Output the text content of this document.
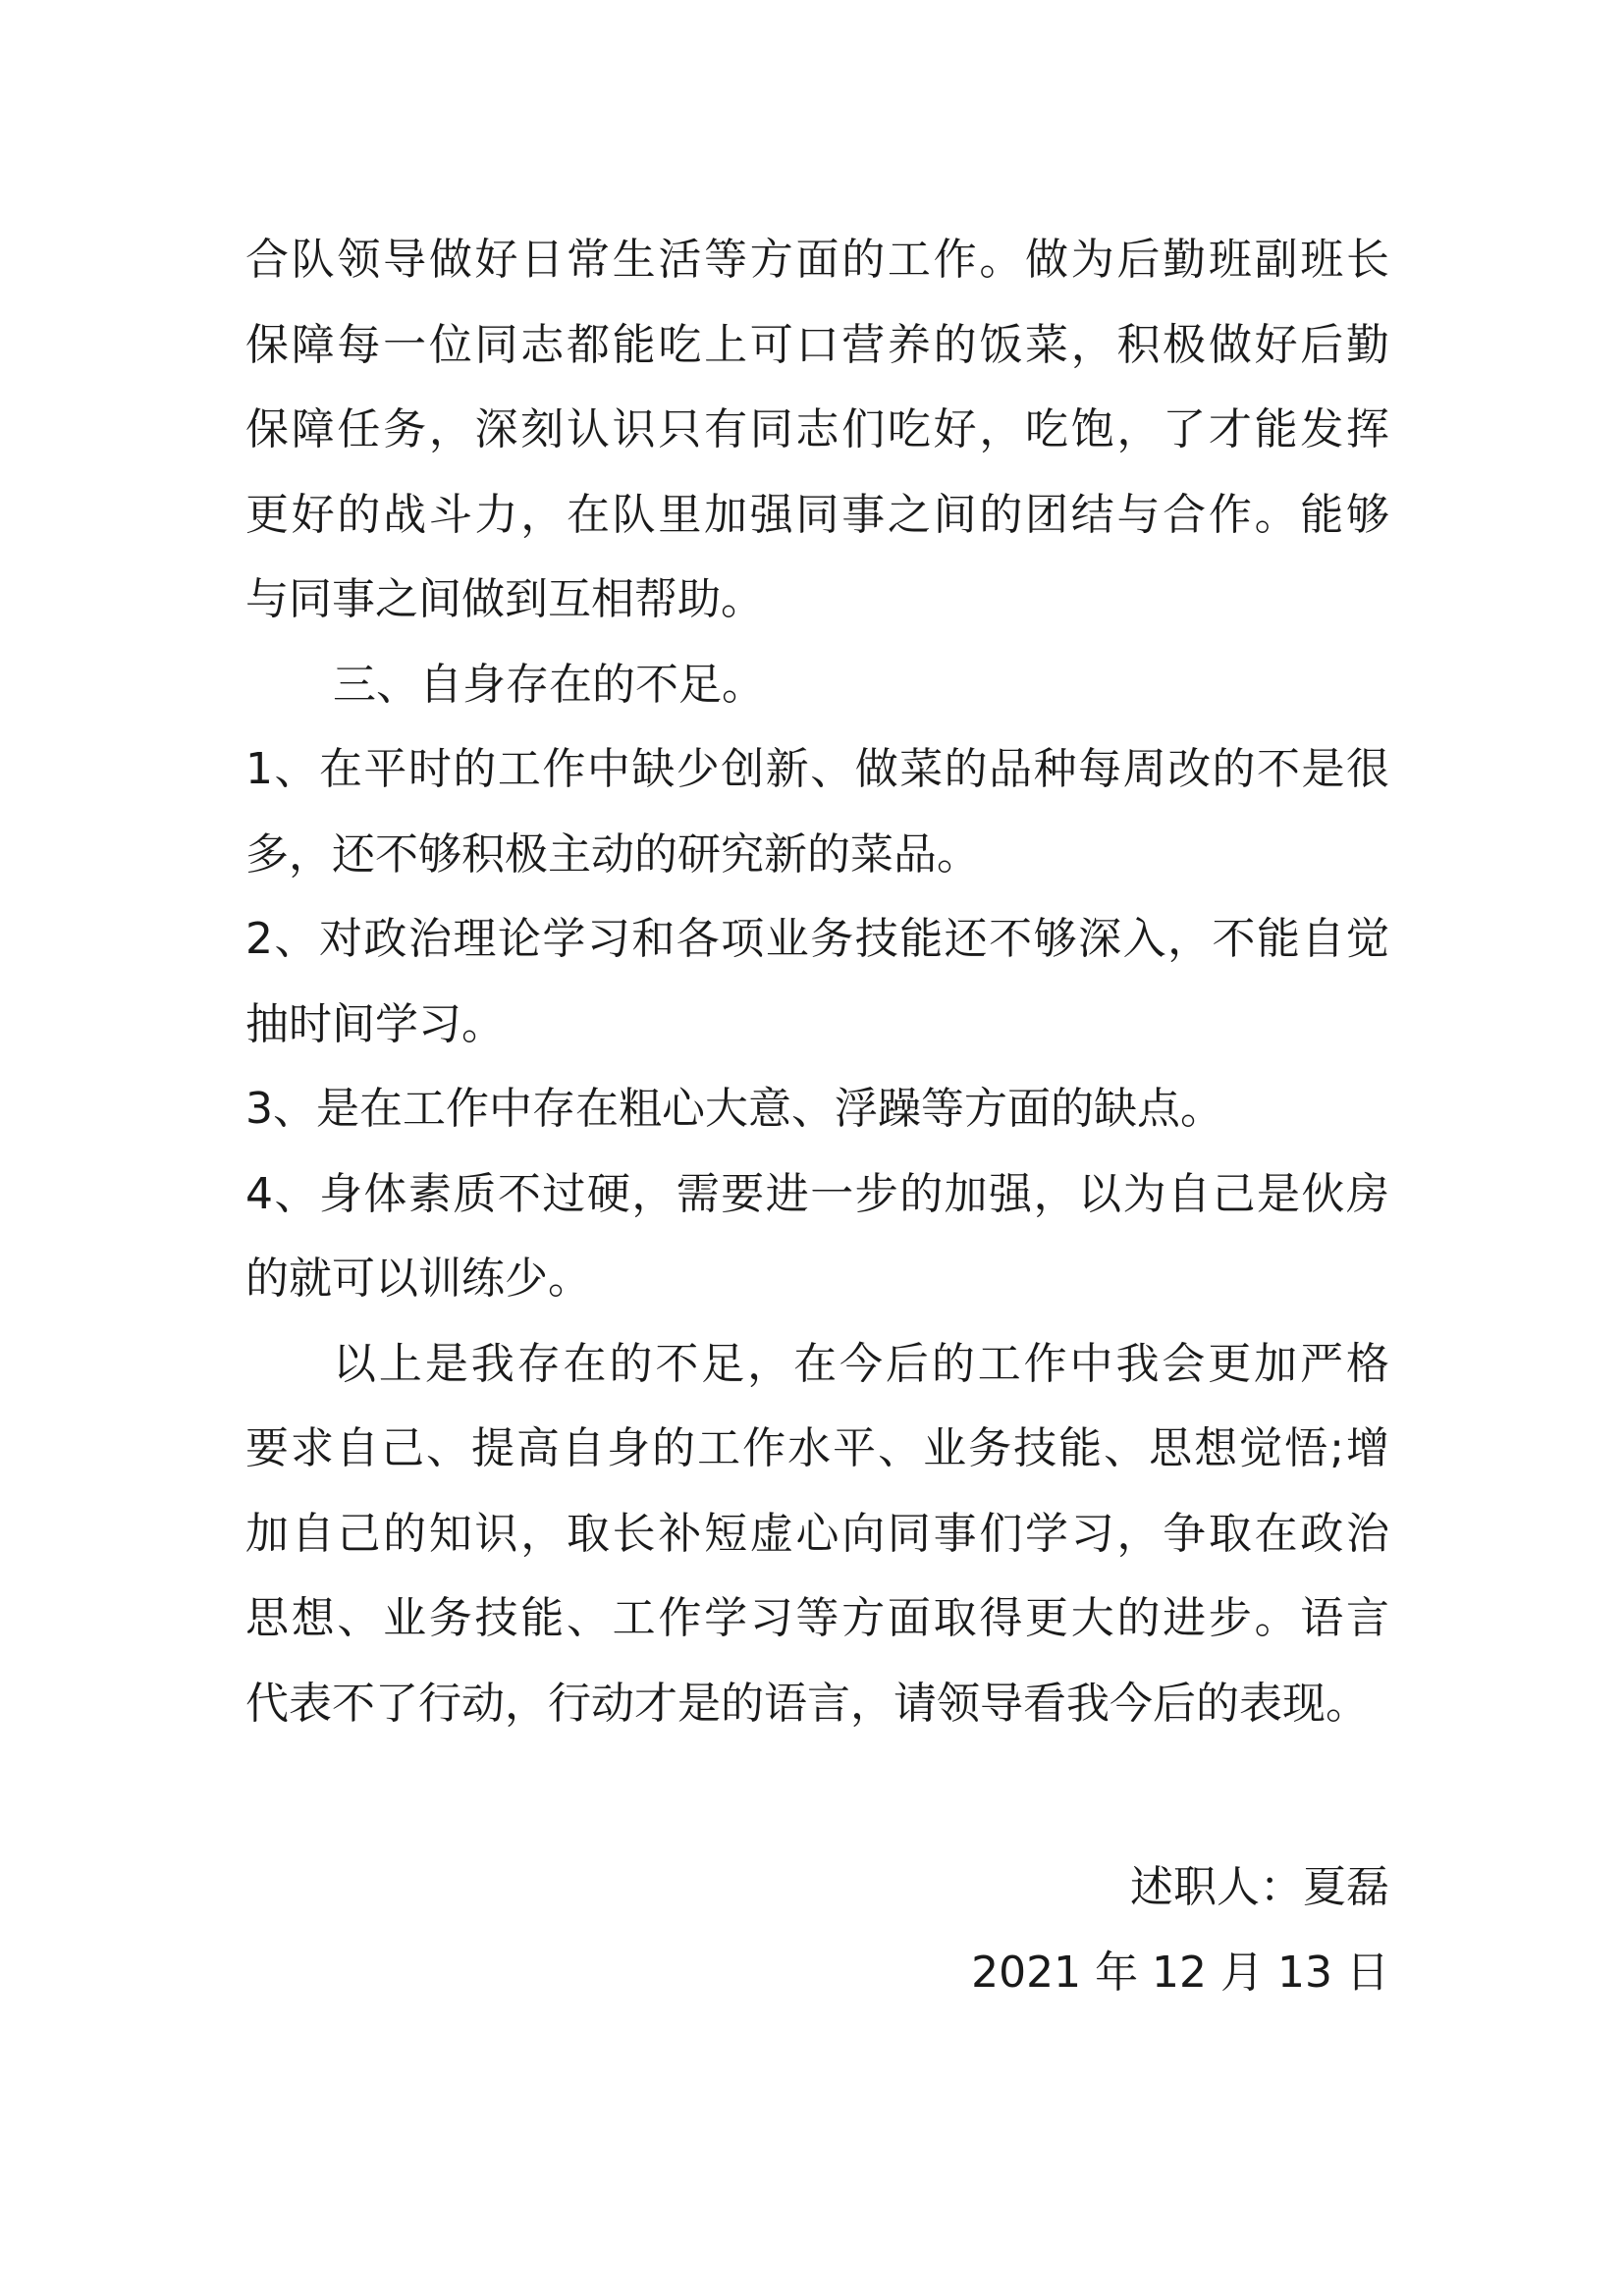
合队领导做好日常生活等方面的工作。做为后勤班副班长
保障每一位同志都能吃上可口营养的饭菜，积极做好后勤
保障任务，深刻认识只有同志们吃好，吃饱，了才能发挥
更好的战斗力，在队里加强同事之间的团结与合作。能够
与同事之间做到互相帮助。
三、自身存在的不足。
1、在平时的工作中缺少创新、做菜的品种每周改的不是很
多，还不够积极主动的研究新的菜品。
2、对政治理论学习和各项业务技能还不够深入，不能自觉
抽时间学习。
3、是在工作中存在粗心大意、浮躁等方面的缺点。
4、身体素质不过硬，需要进一步的加强，以为自己是伙房
的就可以训练少。
以上是我存在的不足，在今后的工作中我会更加严格
要求自己、提高自身的工作水平、业务技能、思想觉悟;增
加自己的知识，取长补短虚心向同事们学习，争取在政治
思想、业务技能、工作学习等方面取得更大的进步。语言
代表不了行动，行动才是的语言，请领导看我今后的表现。
述职人：夏磊
2021 年 12 月 13 日
